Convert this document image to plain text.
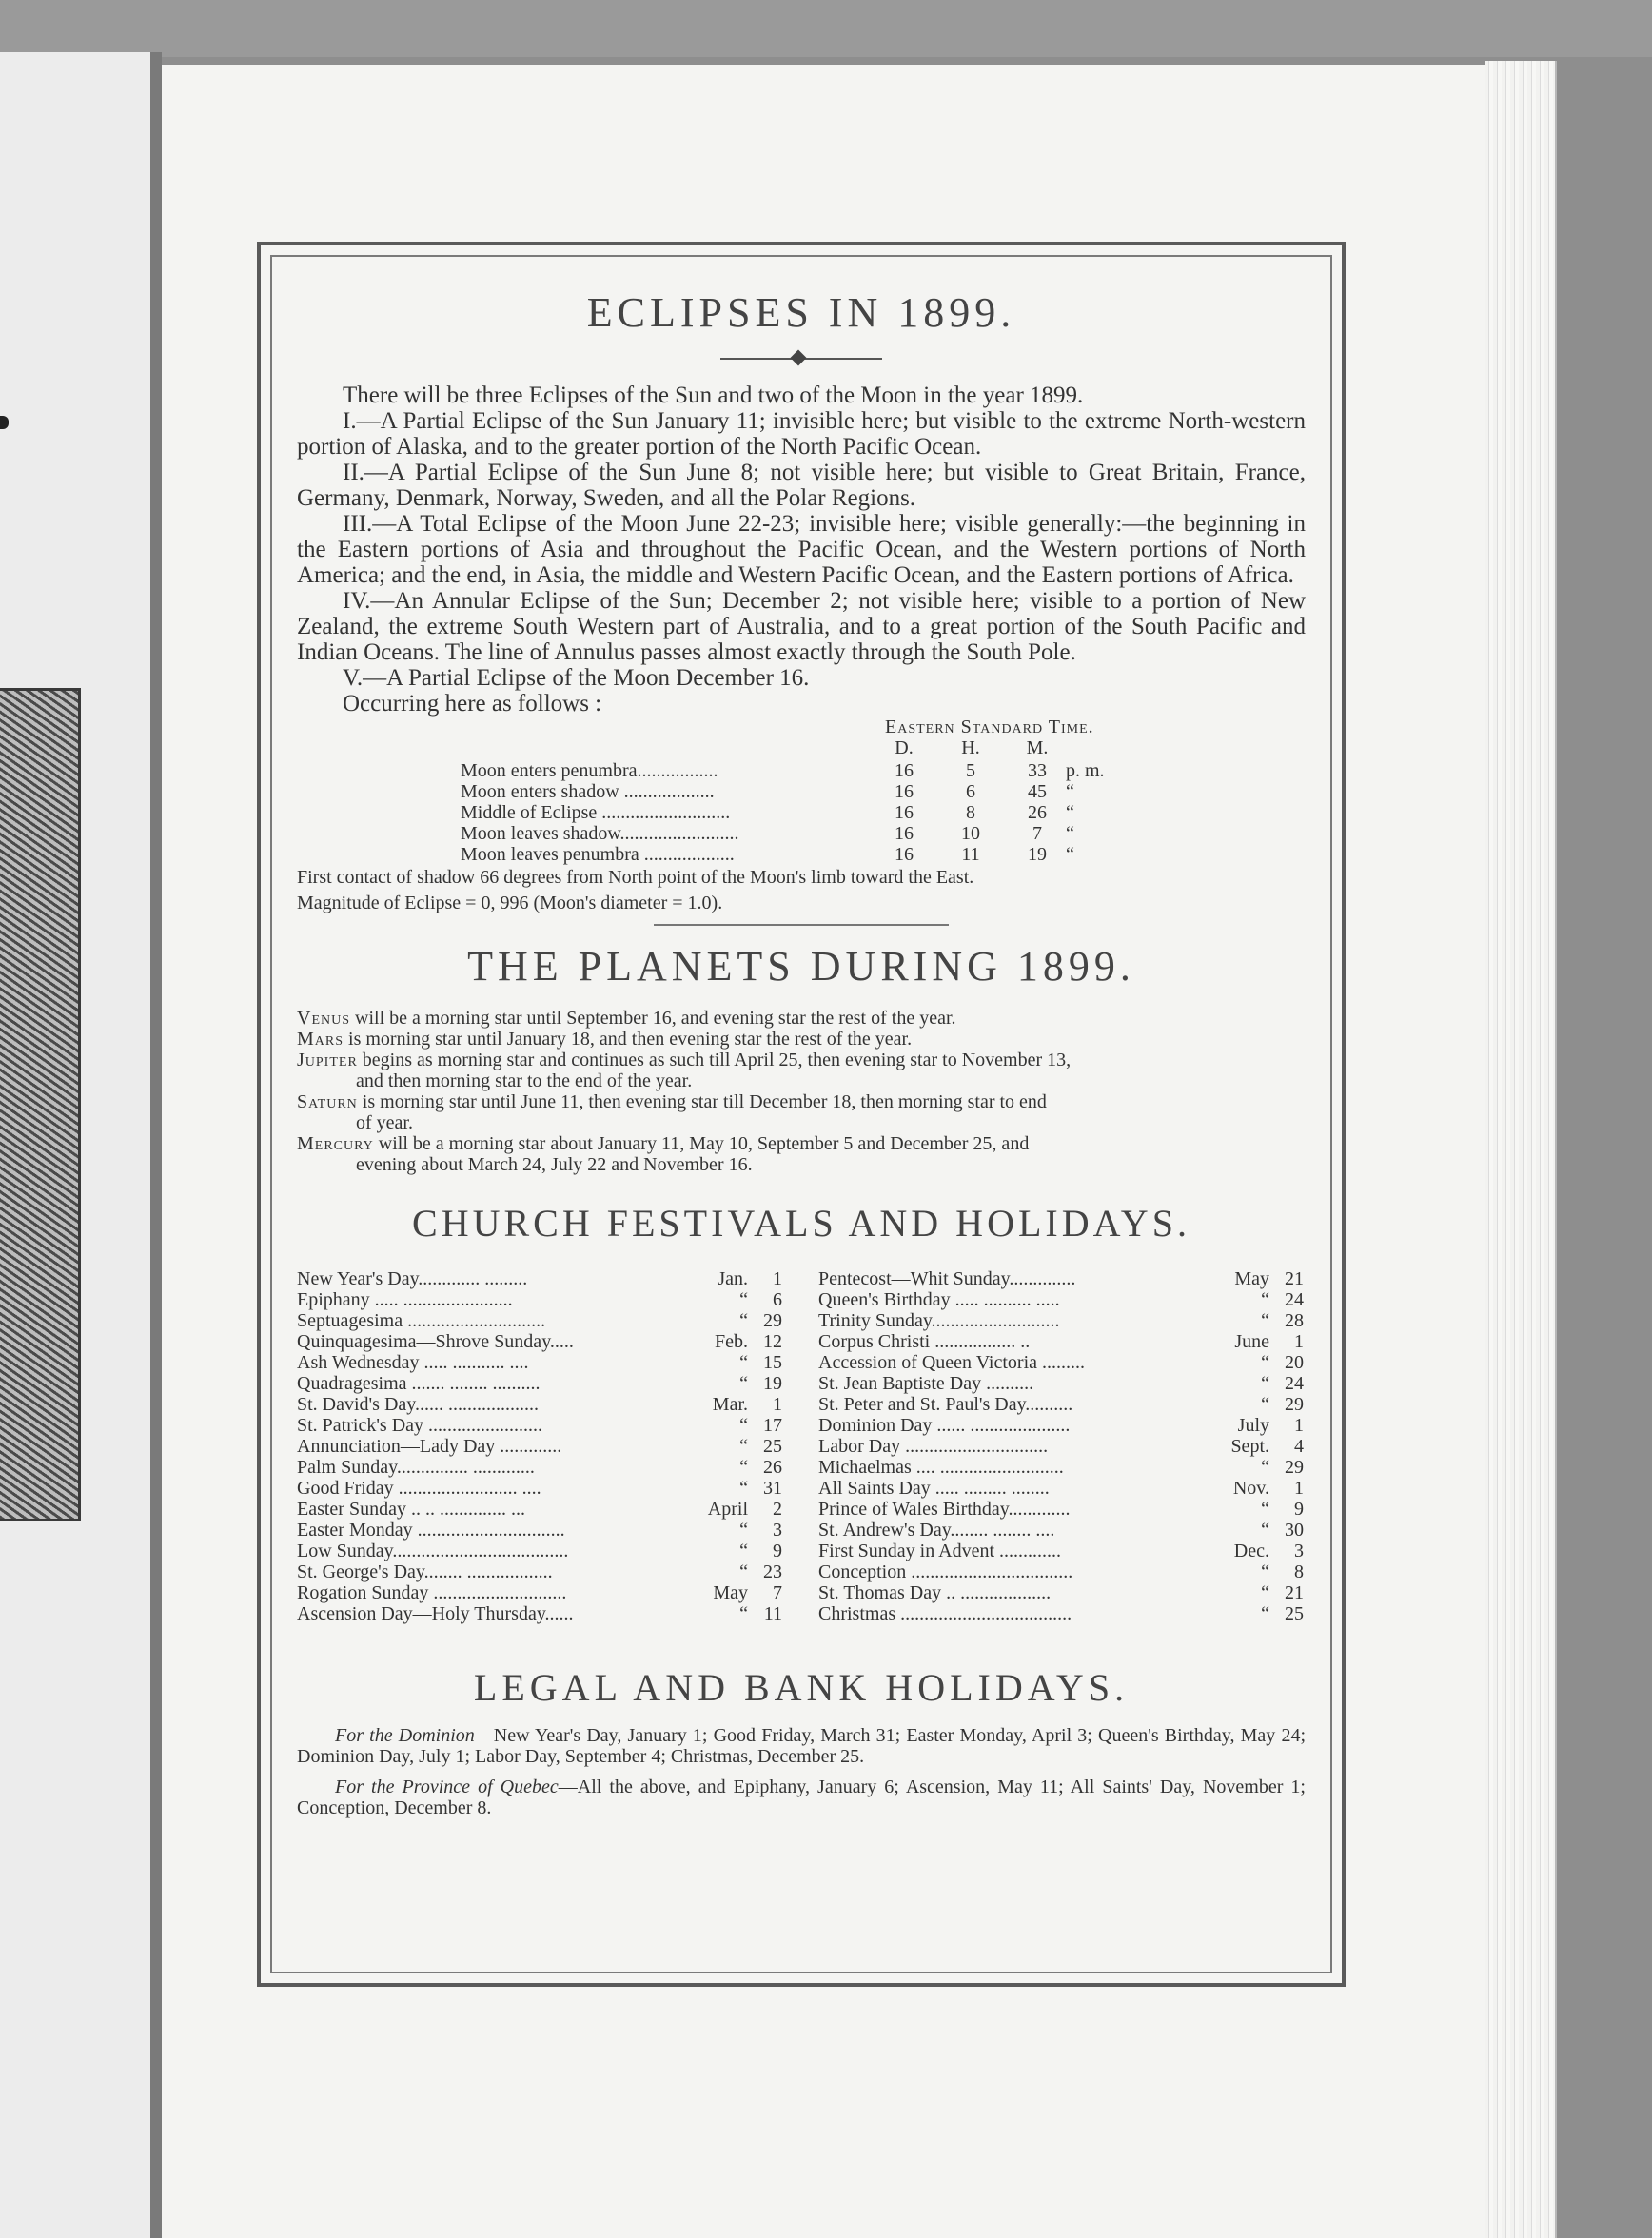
ECLIPSES IN 1899.

There will be three Eclipses of the Sun and two of the Moon in the year 1899.

I.—A Partial Eclipse of the Sun January 11; invisible here; but visible to the extreme North-western portion of Alaska, and to the greater portion of the North Pacific Ocean.

II.—A Partial Eclipse of the Sun June 8; not visible here; but visible to Great Britain, France, Germany, Denmark, Norway, Sweden, and all the Polar Regions.

III.—A Total Eclipse of the Moon June 22-23; invisible here; visible generally:—the beginning in the Eastern portions of Asia and throughout the Pacific Ocean, and the Western portions of North America; and the end, in Asia, the middle and Western Pacific Ocean, and the Eastern portions of Africa.

IV.—An Annular Eclipse of the Sun; December 2; not visible here; visible to a portion of New Zealand, the extreme South Western part of Australia, and to a great portion of the South Pacific and Indian Oceans. The line of Annulus passes almost exactly through the South Pole.

V.—A Partial Eclipse of the Moon December 16.

Occurring here as follows :

Eastern Standard Time.
D.	H.	M.
Moon enters penumbra.................	16	5	33	p. m.
Moon enters shadow ...................	16	6	45	“
Middle of Eclipse ...........................	16	8	26	“
Moon leaves shadow.........................	16	10	7	“
Moon leaves penumbra ...................	16	11	19	“
First contact of shadow 66 degrees from North point of the Moon's limb toward the East.

Magnitude of Eclipse = 0, 996 (Moon's diameter = 1.0).

THE PLANETS DURING 1899.
Venus will be a morning star until September 16, and evening star the rest of the year.
Mars is morning star until January 18, and then evening star the rest of the year.
Jupiter begins as morning star and continues as such till April 25, then evening star to November 13,
and then morning star to the end of the year.
Saturn is morning star until June 11, then evening star till December 18, then morning star to end
of year.
Mercury will be a morning star about January 11, May 10, September 5 and December 25, and
evening about March 24, July 22 and November 16.
CHURCH FESTIVALS AND HOLIDAYS.
New Year's Day............. .........	Jan.	1
Epiphany ..... .......................	“	6
Septuagesima .............................	“ 29
Quinquagesima—Shrove Sunday.....	Feb. 12
Ash Wednesday ..... ........... ....	“ 15
Quadragesima ....... ........ ..........	“ 19
St. David's Day...... ...................	Mar.	1
St. Patrick's Day ........................	“ 17
Annunciation—Lady Day .............	“ 25
Palm Sunday............... .............	“ 26
Good Friday ......................... ....	“ 31
Easter Sunday .. .. .............. ...	April	2
Easter Monday ...............................	“	3
Low Sunday.....................................	“	9
St. George's Day........ ..................	“ 23
Rogation Sunday ............................	May	7
Ascension Day—Holy Thursday......	“ 11
Pentecost—Whit Sunday..............	May 21
Queen's Birthday ..... .......... .....	“ 24
Trinity Sunday...........................	“ 28
Corpus Christi ................. ..	June	1
Accession of Queen Victoria .........	“ 20
St. Jean Baptiste Day ..........	“ 24
St. Peter and St. Paul's Day..........	“ 29
Dominion Day ...... .....................	July	1
Labor Day ..............................	Sept.	4
Michaelmas .... ..........................	“ 29
All Saints Day ..... ......... ........	Nov.	1
Prince of Wales Birthday.............	“	9
St. Andrew's Day........ ........ ....	“ 30
First Sunday in Advent .............	Dec.	3
Conception ..................................	“	8
St. Thomas Day .. ...................	“ 21
Christmas ....................................	“ 25
LEGAL AND BANK HOLIDAYS.
For the Dominion—New Year's Day, January 1; Good Friday, March 31; Easter Monday, April 3; Queen's Birthday, May 24; Dominion Day, July 1; Labor Day, September 4; Christmas, December 25.
For the Province of Quebec—All the above, and Epiphany, January 6; Ascension, May 11; All Saints' Day, November 1; Conception, December 8.
